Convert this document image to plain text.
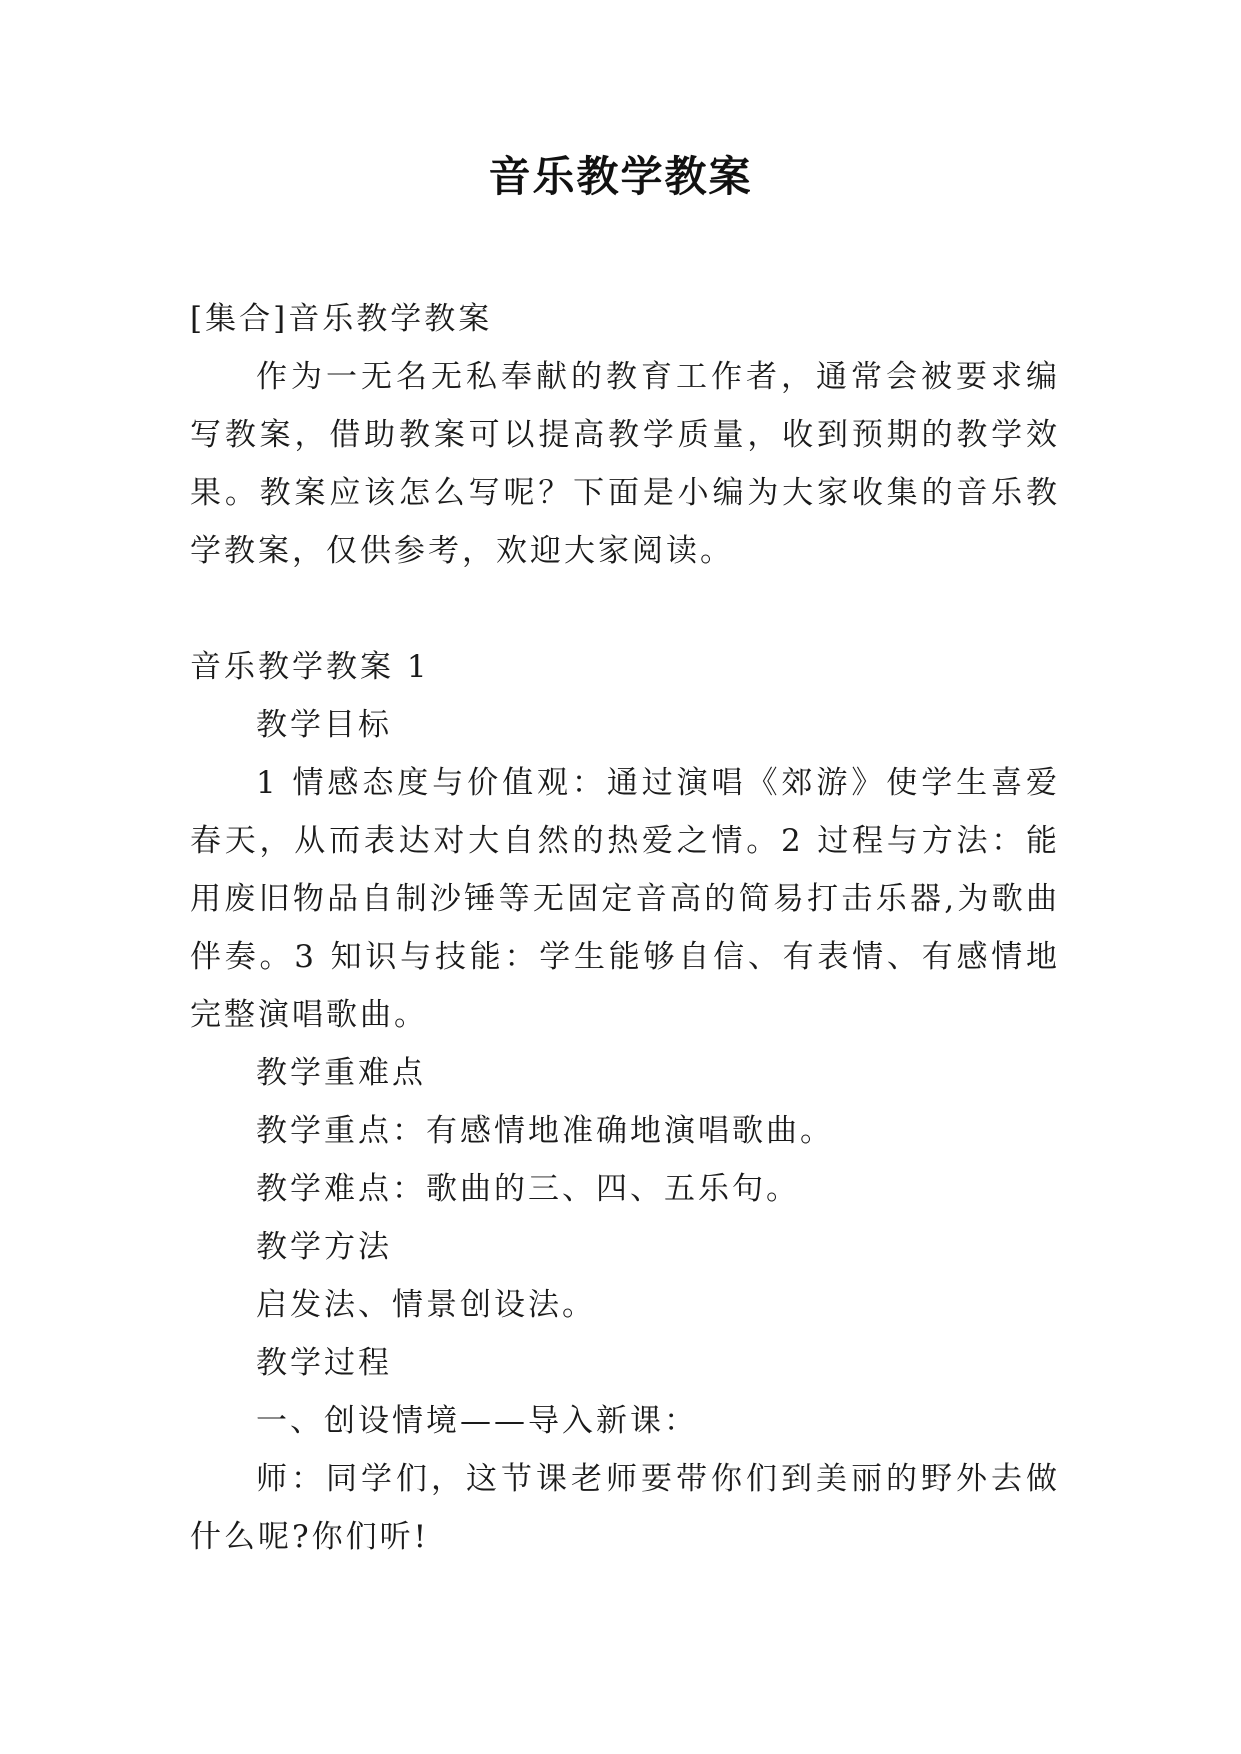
音乐教学教案

[集合]音乐教学教案

作为一无名无私奉献的教育工作者，通常会被要求编写教案，借助教案可以提高教学质量，收到预期的教学效果。教案应该怎么写呢？下面是小编为大家收集的音乐教学教案，仅供参考，欢迎大家阅读。

音乐教学教案 1

教学目标

1 情感态度与价值观：通过演唱《郊游》使学生喜爱春天，从而表达对大自然的热爱之情。2 过程与方法：能用废旧物品自制沙锤等无固定音高的简易打击乐器,为歌曲伴奏。3 知识与技能：学生能够自信、有表情、有感情地完整演唱歌曲。

教学重难点

教学重点：有感情地准确地演唱歌曲。

教学难点：歌曲的三、四、五乐句。

教学方法

启发法、情景创设法。

教学过程

一、创设情境——导入新课：

师：同学们，这节课老师要带你们到美丽的野外去做什么呢?你们听!
